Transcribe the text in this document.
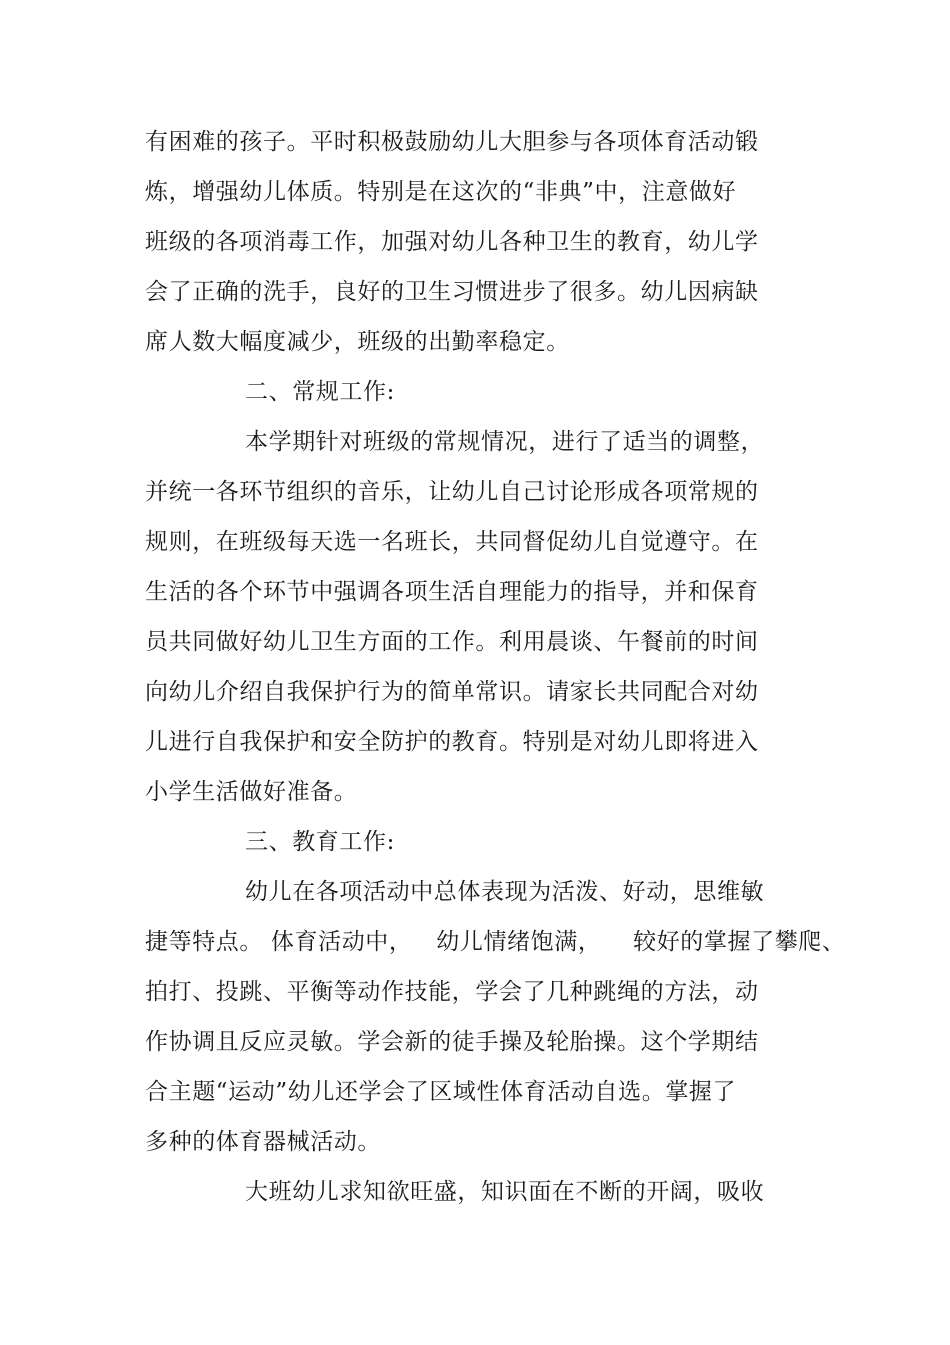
有困难的孩子。平时积极鼓励幼儿大胆参与各项体育活动锻
炼，增强幼儿体质。特别是在这次的“非典”中，注意做好
班级的各项消毒工作，加强对幼儿各种卫生的教育，幼儿学
会了正确的洗手，良好的卫生习惯进步了很多。幼儿因病缺
席人数大幅度减少，班级的出勤率稳定。
二、常规工作:
本学期针对班级的常规情况，进行了适当的调整，
并统一各环节组织的音乐，让幼儿自己讨论形成各项常规的
规则，在班级每天选一名班长，共同督促幼儿自觉遵守。在
生活的各个环节中强调各项生活自理能力的指导，并和保育
员共同做好幼儿卫生方面的工作。利用晨谈、午餐前的时间
向幼儿介绍自我保护行为的简单常识。请家长共同配合对幼
儿进行自我保护和安全防护的教育。特别是对幼儿即将进入
小学生活做好准备。
三、教育工作:
幼儿在各项活动中总体表现为活泼、好动，思维敏
捷等特点。 体育活动中，   幼儿情绪饱满，    较好的掌握了攀爬、
拍打、投跳、平衡等动作技能，学会了几种跳绳的方法，动
作协调且反应灵敏。学会新的徒手操及轮胎操。这个学期结
合主题“运动”幼儿还学会了区域性体育活动自选。掌握了
多种的体育器械活动。
大班幼儿求知欲旺盛，知识面在不断的开阔，吸收
